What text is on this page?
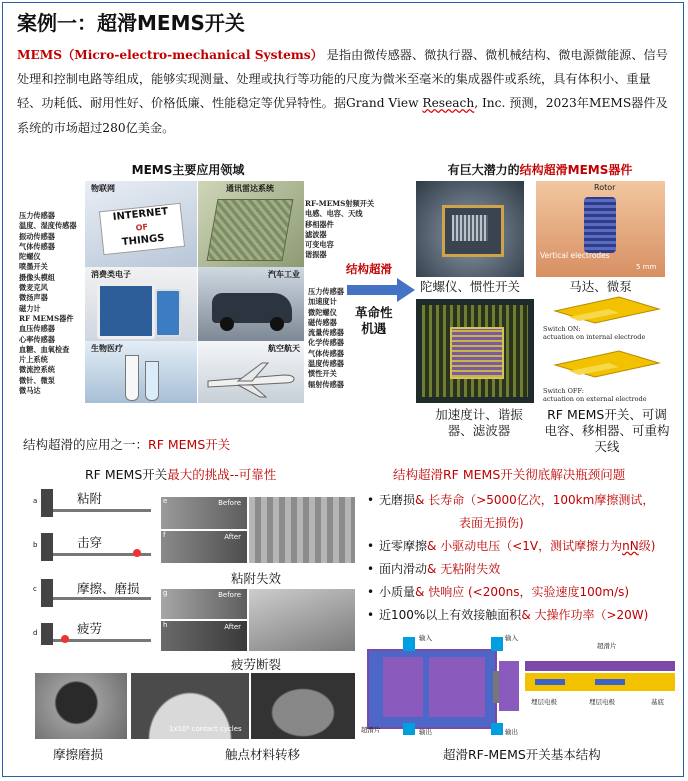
案例一：超滑MEMS开关
MEMS（Micro-electro-mechanical Systems） 是指由微传感器、微执行器、微机械结构、微电源微能源、信号处理和控制电路等组成，能够实现测量、处理或执行等功能的尺度为微米至毫米的集成器件或系统，具有体积小、重量轻、功耗低、耐用性好、价格低廉、性能稳定等优异特性。据Grand View Reseach, Inc. 预测，2023年MEMS器件及系统的市场超过280亿美金。
MEMS主要应用领域
压力传感器
温度、湿度传感器
振动传感器
气体传感器
陀螺仪
喷墨开关
摄像头模组
微麦克风
微扬声器
磁力计
RF MEMS器件
血压传感器
心率传感器
血糖、血氧检查
片上系统
微流控系统
微针、微泵
微马达
RF-MEMS射频开关
电感、电容、天线
移相器件
滤波器
可变电容
谐振器
压力传感器
加速度计
微陀螺仪
磁传感器
流量传感器
化学传感器
气体传感器
温度传感器
惯性开关
辐射传感器
物联网
INTERNET
OF
THINGS
通讯雷达系统
消费类电子	汽车工业
生物医疗	航空航天
结构超滑
革命性
机遇
有巨大潜力的结构超滑MEMS器件
陀螺仪、惯性开关
Rotor
Vertical electrodes
5 mm
马达、微泵
加速度计、谐振器、滤波器
Switch ON:
actuation on internal electrode
Switch OFF:
actuation on external electrode
RF MEMS开关、可调电容、移相器、可重构天线
结构超滑的应用之一：RF MEMS开关
RF MEMS开关最大的挑战--可靠性
a	粘附
b	击穿
c	摩擦、磨损
d	疲劳
e	Before
f	After
粘附失效
g	Before
h	After
疲劳断裂
摩擦磨损
1x10⁸ contact cycles
触点材料转移
结构超滑RF MEMS开关彻底解决瓶颈问题
• 无磨损& 长寿命（>5000亿次，100km摩擦测试，
表面无损伤)
• 近零摩擦& 小驱动电压（<1V，测试摩擦力为nN级)
• 面内滑动& 无粘附失效
• 小质量& 快响应 (<200ns，实验速度100m/s)
• 近100%以上有效接触面积& 大操作功率（>20W)
输入
输出
超滑片
输入
输出
超滑片
埋层电极	埋层电极	基底
超滑RF-MEMS开关基本结构
